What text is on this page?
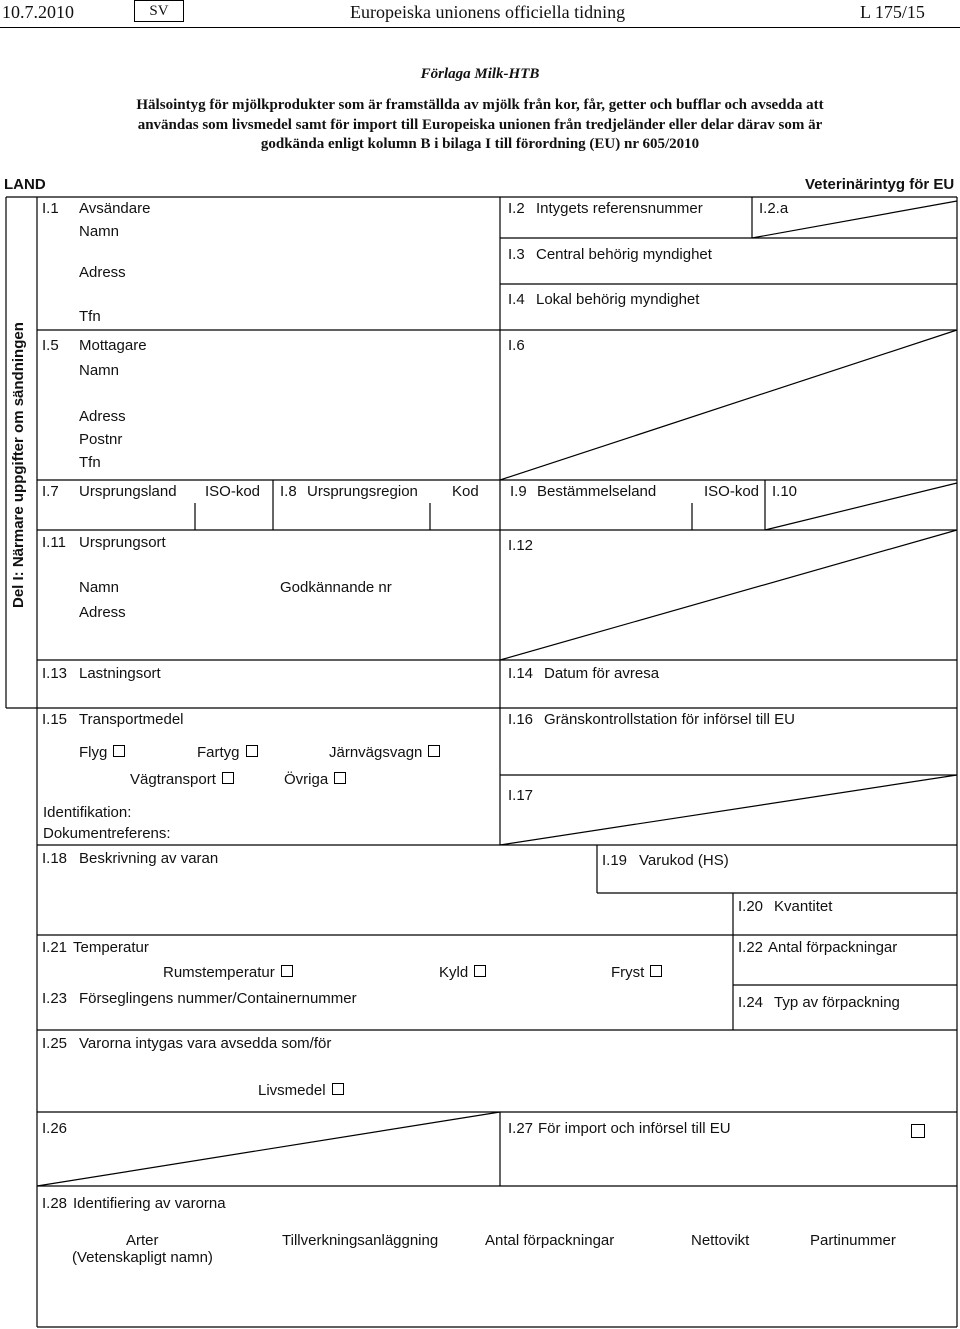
10.7.2010	SV	Europeiska unionens officiella tidning	L 175/15
Förlaga Milk-HTB
Hälsointyg för mjölkprodukter som är framställda av mjölk från kor, får, getter och bufflar och avsedda att
användas som livsmedel samt för import till Europeiska unionen från tredjeländer eller delar därav som är
godkända enligt kolumn B i bilaga I till förordning (EU) nr 605/2010
LAND	Veterinärintyg för EU
Del I: Närmare uppgifter om sändningen
I.1 Avsändare
Namn
Adress
Tfn
I.2 Intygets referensnummer	I.2.a
I.3 Central behörig myndighet
I.4 Lokal behörig myndighet
I.5 Mottagare
Namn
Adress
Postnr
Tfn
I.6
I.7 Ursprungsland ISO-kod I.8 Ursprungsregion Kod I.9 Bestämmelseland	ISO-kod I.10
I.11 Ursprungsort
Namn	Godkännande nr
Adress
I.12
I.13 Lastningsort	I.14 Datum för avresa
I.15 Transportmedel
Flyg	Fartyg	Järnvägsvagn
Vägtransport	Övriga
Identifikation:
Dokumentreferens:
I.16 Gränskontrollstation för införsel till EU
I.17
I.18 Beskrivning av varan	I.19 Varukod (HS)
I.20 Kvantitet
I.21 Temperatur
Rumstemperatur	Kyld	Fryst
I.22 Antal förpackningar
I.23 Förseglingens nummer/Containernummer	I.24 Typ av förpackning
I.25 Varorna intygas vara avsedda som/för
Livsmedel
I.26	I.27 För import och införsel till EU
I.28 Identifiering av varorna
Arter
(Vetenskapligt namn)
Tillverkningsanläggning	Antal förpackningar	Nettovikt	Partinummer
